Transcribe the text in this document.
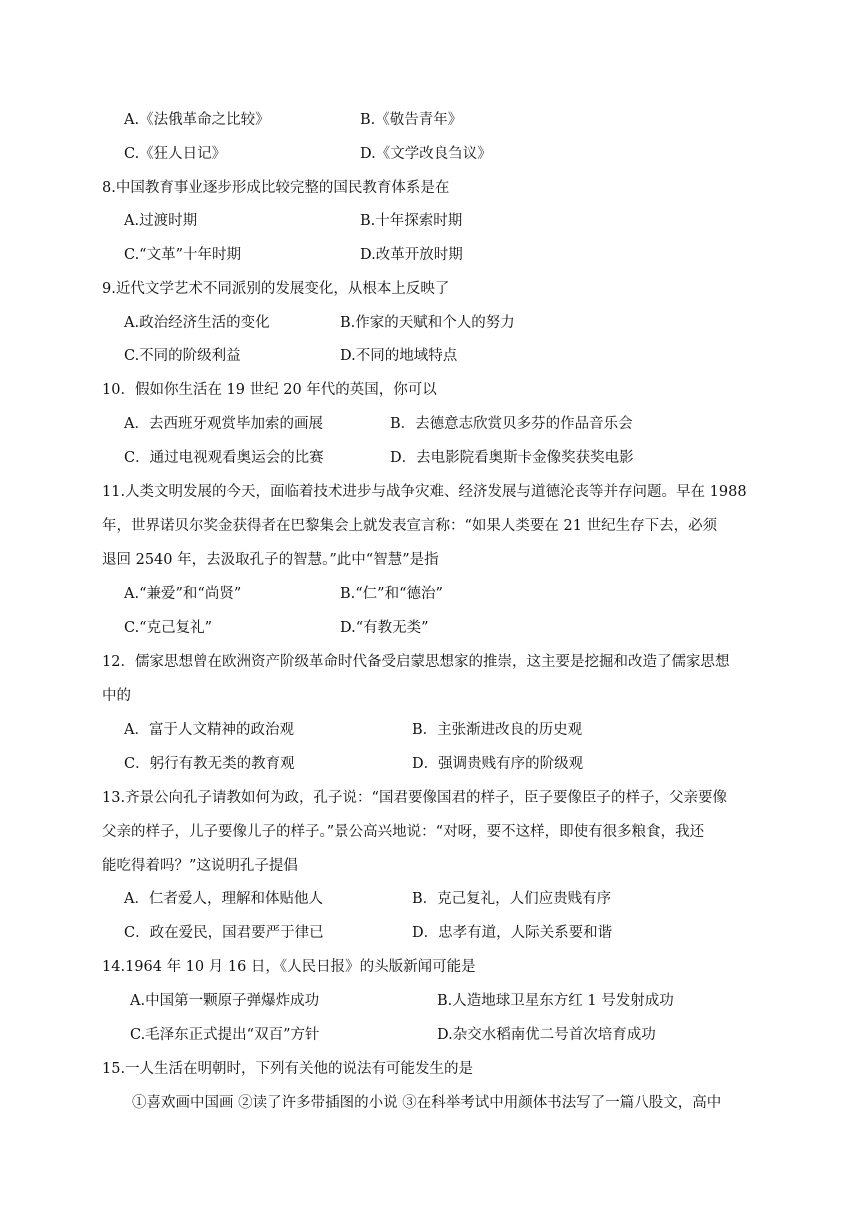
A.《法俄革命之比较》	B.《敬告青年》
C.《狂人日记》	D.《文学改良刍议》
8.中国教育事业逐步形成比较完整的国民教育体系是在
A.过渡时期	B.十年探索时期
C.“文革”十年时期	D.改革开放时期
9.近代文学艺术不同派别的发展变化，从根本上反映了
A.政治经济生活的变化	B.作家的天赋和个人的努力
C.不同的阶级利益	D.不同的地域特点
10．假如你生活在 19 世纪 20 年代的英国，你可以
A．去西班牙观赏毕加索的画展	B．去德意志欣赏贝多芬的作品音乐会
C．通过电视观看奥运会的比赛	D．去电影院看奥斯卡金像奖获奖电影
11.人类文明发展的今天，面临着技术进步与战争灾难、经济发展与道德沦丧等并存问题。早在 1988
年，世界诺贝尔奖金获得者在巴黎集会上就发表宣言称：“如果人类要在 21 世纪生存下去，必须
退回 2540 年，去汲取孔子的智慧。”此中“智慧”是指
A.“兼爱”和“尚贤”	B.“仁”和“德治”
C.“克己复礼”	D.“有教无类”
12．儒家思想曾在欧洲资产阶级革命时代备受启蒙思想家的推崇，这主要是挖掘和改造了儒家思想
中的
A．富于人文精神的政治观	B．主张渐进改良的历史观
C．躬行有教无类的教育观	D．强调贵贱有序的阶级观
13.齐景公向孔子请教如何为政，孔子说：“国君要像国君的样子，臣子要像臣子的样子，父亲要像
父亲的样子，儿子要像儿子的样子。”景公高兴地说：“对呀，要不这样，即使有很多粮食，我还
能吃得着吗？”这说明孔子提倡
A．仁者爱人，理解和体贴他人	B．克己复礼，人们应贵贱有序
C．政在爱民，国君要严于律已	D．忠孝有道，人际关系要和谐
14.1964 年 10 月 16 日，《人民日报》的头版新闻可能是
A.中国第一颗原子弹爆炸成功	B.人造地球卫星东方红 1 号发射成功
C.毛泽东正式提出“双百”方针	D.杂交水稻南优二号首次培育成功
15.一人生活在明朝时，下列有关他的说法有可能发生的是
①喜欢画中国画 ②读了许多带插图的小说 ③在科举考试中用颜体书法写了一篇八股文，高中
